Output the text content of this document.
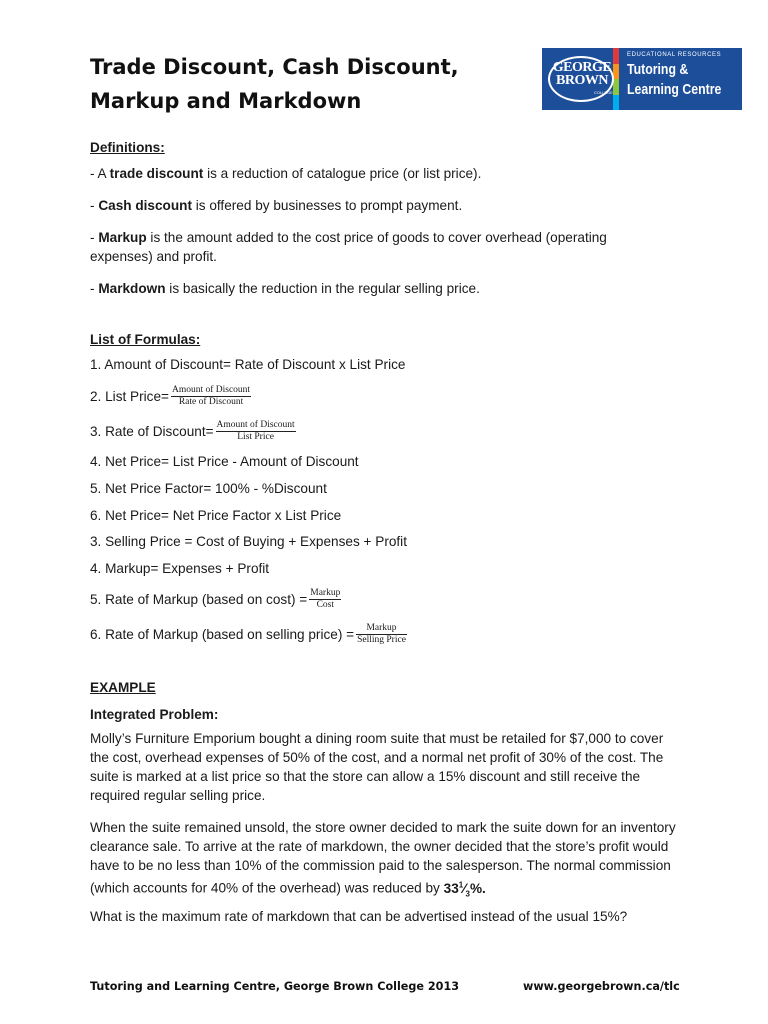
Trade Discount, Cash Discount,
Markup and Markdown
GEORGE
BROWN
COLLEGE
EDUCATIONAL RESOURCES
Tutoring &
Learning Centre
Definitions:
- A trade discount is a reduction of catalogue price (or list price).
- Cash discount is offered by businesses to prompt payment.
- Markup is the amount added to the cost price of goods to cover overhead (operating expenses) and profit.
- Markdown is basically the reduction in the regular selling price.
List of Formulas:
1. Amount of Discount= Rate of Discount x List Price
2. List Price= $\frac{\text{Amount of Discount}}{\text{Rate of Discount}}$
3. Rate of Discount= $\frac{\text{Amount of Discount}}{\text{List Price}}$
4. Net Price= List Price - Amount of Discount
5. Net Price Factor= 100% - %Discount
6. Net Price= Net Price Factor x List Price
3. Selling Price = Cost of Buying + Expenses + Profit
4. Markup= Expenses + Profit
5. Rate of Markup (based on $\cos t) = \frac{\text{Markup}}{\text{Cost}}$
6. Rate of Markup (based on selling price) = $\frac{\text{Markup}}{\text{Selling Price}}$
EXAMPLE
Integrated Problem:
Molly’s Furniture Emporium bought a dining room suite that must be retailed for $7,000 to cover the cost, overhead expenses of 50% of the cost, and a normal net profit of 30% of the cost. The suite is marked at a list price so that the store can allow a 15% discount and still receive the required regular selling price.
When the suite remained unsold, the store owner decided to mark the suite down for an inventory clearance sale. To arrive at the rate of markdown, the owner decided that the store’s profit would have to be no less than 10% of the commission paid to the salesperson. The normal commission (which accounts for 40% of the overhead) was reduced by $33^1⁄_3\%$.
What is the maximum rate of markdown that can be advertised instead of the usual 15%?
Tutoring and Learning Centre, George Brown College 2013	www.georgebrown.ca/tlc
